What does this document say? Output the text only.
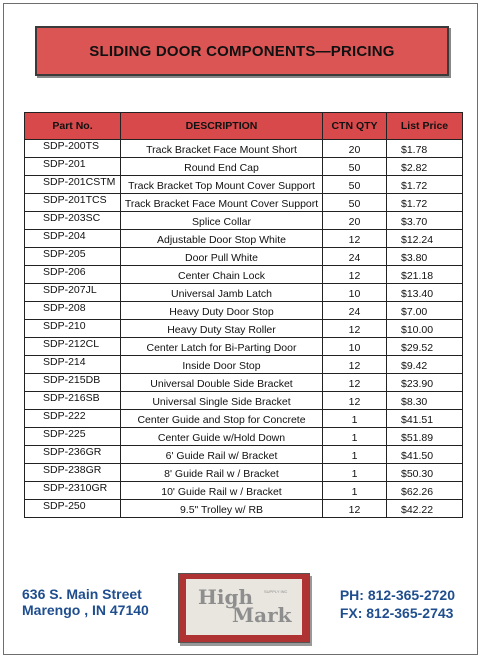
SLIDING DOOR COMPONENTS—PRICING
Part No.	DESCRIPTION	CTN QTY	List Price
SDP-200TS	Track Bracket Face Mount Short	20	$1.78
SDP-201	Round End Cap	50	$2.82
SDP-201CSTM	Track Bracket Top Mount Cover Support	50	$1.72
SDP-201TCS	Track Bracket Face Mount Cover Support	50	$1.72
SDP-203SC	Splice Collar	20	$3.70
SDP-204	Adjustable Door Stop White	12	$12.24
SDP-205	Door Pull White	24	$3.80
SDP-206	Center Chain Lock	12	$21.18
SDP-207JL	Universal Jamb Latch	10	$13.40
SDP-208	Heavy Duty Door Stop	24	$7.00
SDP-210	Heavy Duty Stay Roller	12	$10.00
SDP-212CL	Center Latch for Bi-Parting Door	10	$29.52
SDP-214	Inside Door Stop	12	$9.42
SDP-215DB	Universal Double Side Bracket	12	$23.90
SDP-216SB	Universal Single Side Bracket	12	$8.30
SDP-222	Center Guide and Stop for Concrete	1	$41.51
SDP-225	Center Guide w/Hold Down	1	$51.89
SDP-236GR	6' Guide Rail w/ Bracket	1	$41.50
SDP-238GR	8' Guide Rail w / Bracket	1	$50.30
SDP-2310GR	10' Guide Rail w / Bracket	1	$62.26
SDP-250	9.5" Trolley w/ RB	12	$42.22
636 S. Main Street
Marengo , IN 47140
High	SUPPLY INC
Mark
PH: 812-365-2720
FX: 812-365-2743
